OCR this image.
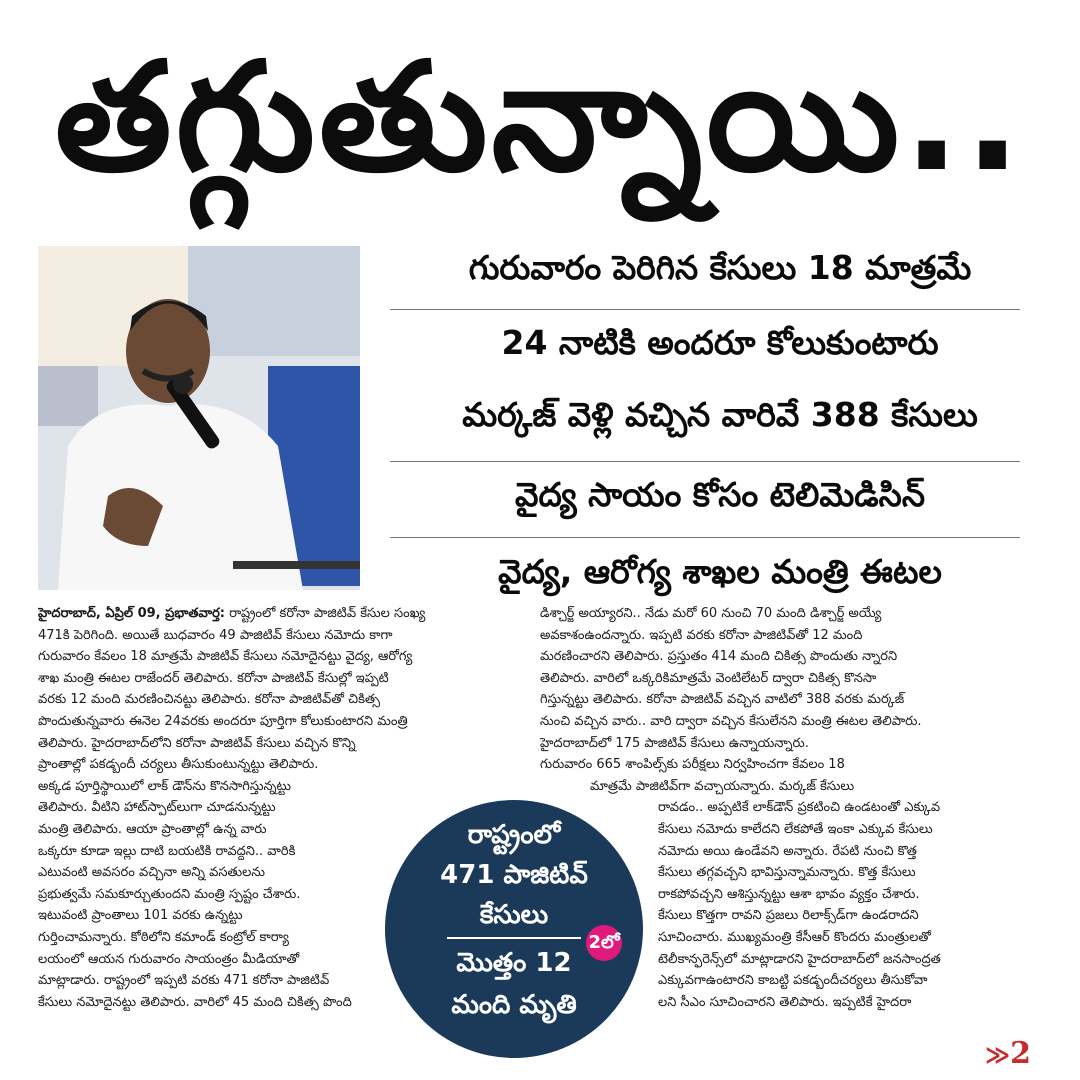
తగ్గుతున్నాయి..
గురువారం పెరిగిన కేసులు 18 మాత్రమే
24 నాటికి అందరూ కోలుకుంటారు
మర్కజ్ వెళ్లి వచ్చిన వారివే 388 కేసులు
వైద్య సాయం కోసం టెలిమెడిసిన్
వైద్య, ఆరోగ్య శాఖల మంత్రి ఈటల

హైదరాబాద్, ఏప్రిల్ 09, ప్రభాతవార్త: రాష్ట్రంలో కరోనా పాజిటివ్ కేసుల సంఖ్య

471కి పెరిగింది. అయితే బుధవారం 49 పాజిటివ్ కేసులు నమోదు కాగా

గురువారం కేవలం 18 మాత్రమే పాజిటివ్ కేసులు నమోదైనట్టు వైద్య, ఆరోగ్య

శాఖ మంత్రి ఈటల రాజేందర్ తెలిపారు. కరోనా పాజిటివ్ కేసుల్లో ఇప్పటి

వరకు 12 మంది మరణించినట్టు తెలిపారు. కరోనా పాజిటివ్‌తో చికిత్స

పొందుతున్నవారు ఈనెల 24వరకు అందరూ పూర్తిగా కోలుకుంటారని మంత్రి

తెలిపారు. హైదరాబాద్‌లోని కరోనా పాజిటివ్ కేసులు వచ్చిన కొన్ని

ప్రాంతాల్లో పకడ్బందీ చర్యలు తీసుకుంటున్నట్టు తెలిపారు.

అక్కడ పూర్తిస్థాయిలో లాక్ డౌన్‌ను కొనసాగిస్తున్నట్టు

తెలిపారు. వీటిని హాట్‌స్పాట్‌లుగా చూడనున్నట్టు

మంత్రి తెలిపారు. ఆయా ప్రాంతాల్లో ఉన్న వారు

ఒక్కరూ కూడా ఇల్లు దాటి బయటికి రావద్దని.. వారికి

ఎటువంటి అవసరం వచ్చినా అన్ని వసతులను

ప్రభుత్వమే సమకూర్చుతుందని మంత్రి స్పష్టం చేశారు.

ఇటువంటి ప్రాంతాలు 101 వరకు ఉన్నట్టు

గుర్తించామన్నారు. కోఠిలోని కమాండ్ కంట్రోల్ కార్యా

లయంలో ఆయన గురువారం సాయంత్రం మీడియాతో

మాట్లాడారు. రాష్ట్రంలో ఇప్పటి వరకు 471 కరోనా పాజిటివ్

కేసులు నమోదైనట్టు తెలిపారు. వారిలో 45 మంది చికిత్స పొంది

డిశ్చార్జ్ అయ్యారని.. నేడు మరో 60 నుంచి 70 మంది డిశ్చార్జ్ అయ్యే

అవకాశంఉందన్నారు. ఇప్పటి వరకు కరోనా పాజిటివ్‌తో 12 మంది

మరణించారని తెలిపారు. ప్రస్తుతం 414 మంది చికిత్స పొందుతు న్నారని

తెలిపారు. వారిలో ఒక్కరికిమాత్రమే వెంటిలేటర్ ద్వారా చికిత్స కొనసా

గిస్తున్నట్టు తెలిపారు. కరోనా పాజిటివ్ వచ్చిన వాటిలో 388 వరకు మర్కజ్

నుంచి వచ్చిన వారు.. వారి ద్వారా వచ్చిన కేసులేనని మంత్రి ఈటల తెలిపారు.

హైదరాబాద్‌లో 175 పాజిటివ్ కేసులు ఉన్నాయన్నారు.

గురువారం 665 శాంపిల్స్‌కు పరీక్షలు నిర్వహించగా కేవలం 18

మాత్రమే పాజిటివ్‌గా వచ్చాయన్నారు. మర్కజ్ కేసులు

రావడం.. అప్పటికే లాక్‌డౌన్ ప్రకటించి ఉండటంతో ఎక్కువ

కేసులు నమోదు కాలేదని లేకపోతే ఇంకా ఎక్కువ కేసులు

నమోదు అయి ఉండేవని అన్నారు. రేపటి నుంచి కొత్త

కేసులు తగ్గవచ్చని భావిస్తున్నామన్నారు. కొత్త కేసులు

రాకపోవచ్చని ఆశిస్తున్నట్టు ఆశా భావం వ్యక్తం చేశారు.

కేసులు కొత్తగా రావని ప్రజలు రిలాక్స్‌డ్‌గా ఉండరాదని

సూచించారు. ముఖ్యమంత్రి కేసీఆర్ కొందరు మంత్రులతో

టెలీకాన్ఫరెన్స్‌లో మాట్లాడారని హైదరాబాద్‌లో జనసాంద్రత

ఎక్కువగాఉంటారని కాబట్టి పకడ్బందీచర్యలు తీసుకోవా

లని సీఎం సూచించారని తెలిపారు. ఇప్పటికే హైదరా

రాష్ట్రంలో
471 పాజిటివ్
కేసులు
మొత్తం 12
మంది మృతి
2లో
≫2
